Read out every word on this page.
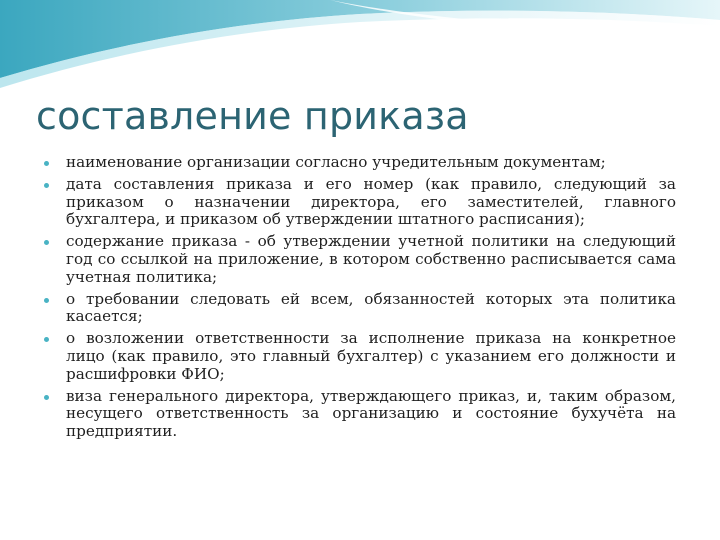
составление приказа
наименование организации согласно учредительным документам;
дата составления приказа и его номер (как правило, следующий за приказом о назначении директора, его заместителей, главного бухгалтера, и приказом об утверждении штатного расписания);
содержание приказа - об утверждении учетной политики на следующий год со ссылкой на приложение, в котором собственно расписывается сама учетная политика;
о требовании следовать ей всем, обязанностей которых эта политика касается;
о возложении ответственности за исполнение приказа на конкретное лицо (как правило, это главный бухгалтер) с указанием его должности и расшифровки ФИО;
виза генерального директора, утверждающего приказ, и, таким образом, несущего ответственность за организацию и состояние бухучёта на предприятии.
